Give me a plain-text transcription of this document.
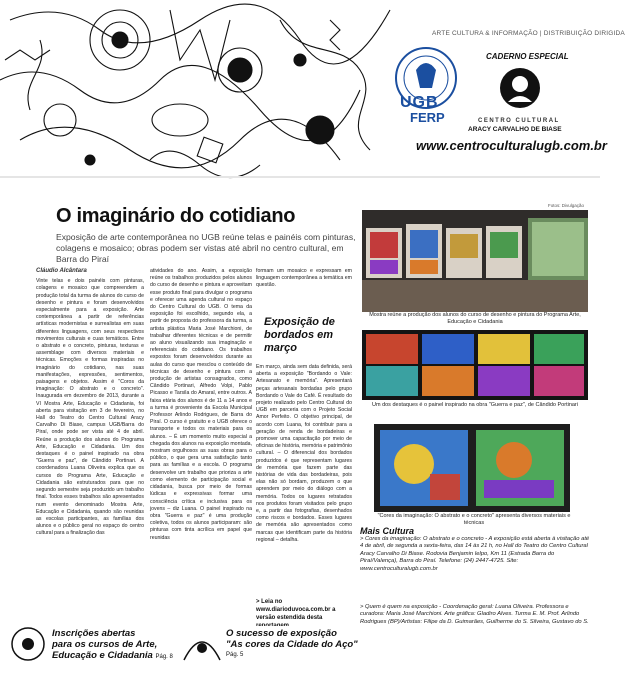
ARTE CULTURA & INFORMAÇÃO | DISTRIBUIÇÃO DIRIGIDA
CADERNO ESPECIAL
UGB
FERP	CENTRO CULTURAL
ARACY CARVALHO DE BIASE
www.centroculturalugb.com.br
Fotos: Divulgação
O imaginário do cotidiano
Exposição de arte contemporânea no UGB reúne telas e painéis com pinturas, colagens e mosaico; obras podem ser vistas até abril no centro cultural, em Barra do Piraí
Cláudio Alcântara

Vinte telas e dois painéis com pinturas, colagens e mosaico que compreendem a produção total da turma de alunos do curso de desenho e pintura e foram desenvolvidos especialmente para a exposição. Arte contemporânea a partir de referências artísticas modernistas e surrealistas em suas diferentes linguagens, com seus respectivos movimentos culturais e cuas temáticos. Entre o abstrato e o concreto, pinturas, texturas e assemblage com diversos materiais e técnicas. Emoções e formas inspiradas no imaginário do cotidiano, nas suas manifestações, expressões, sentimentos, paisagens e objetos. Assim é "Coros da imaginação: O abstrato e o concreto". Inaugurada em dezembro de 2013, durante a VI Mostra Arte, Educação e Cidadania, foi aberta para visitação em 3 de fevereiro, no Hall do Teatro do Centro Cultural Aracy Carvalho Di Biase, campus UGB/Barra do Piraí, onde pode ser vista até 4 de abril. Reúne a produção dos alunos do Programa Arte, Educação e Cidadania. Um dos destaques é o painel inspirado na obra "Guerra e paz", de Cândido Portinari. A coordenadora Luana Oliveira explica que os cursos do Programa Arte, Educação e Cidadania são estruturados para que no segundo semestre seja produzido um trabalho final. Todos esses trabalhos são apresentados num evento denominado Mostra Arte, Educação e Cidadania, quando são reunidas as escolas participantes, as famílias dos alunos e o público geral no espaço do centro cultural para a finalização das

atividades do ano. Assim, a exposição reúne os trabalhos produzidos pelos alunos do curso de desenho e pintura e aproveitam esse produto final para divulgar o programa e oferecer uma agenda cultural no espaço do Centro Cultural do UGB. O tema da exposição foi escolhido, segundo ela, a partir de proposta do professora da turma, a artista plástica Maria José Marchioni, de trabalhar diferentes técnicas e de permitir ao aluno visualizando sua imaginação e referenciais do cotidiano. Os trabalhos expostos foram desenvolvidos durante as aulas do curso que mesclou o conteúdo de técnicas de desenho e pintura com a produção de artistas consagrados, como Cândido Portinari, Alfredo Volpi, Pablo Picasso e Tarsila do Amaral, entre outros. A faixa etária dos alunos é de 11 a 14 anos e a turma é proveniente da Escola Municipal Professor Arlindo Rodrigues, de Barra do Piraí. O curso é gratuito e o UGB oferece o transporte e todos os materiais para os alunos. – É um momento muito especial a chegada dos alunos na exposição montada, mostram orgulhosos as suas obras para o público, o que gera uma satisfação tanto para as famílias e a escola. O programa desenvolve um trabalho que prioriza a arte como elemento de participação social e cidadania, busca por meio de formas lúdicas e expressivas formar uma consciência crítica e inclusiva para os jovens – diz Luana. O painel inspirado na obra "Guerra e paz" é uma produção coletiva, todos os alunos participaram: são pinturas com tinta acrílica em papel que reunidas

formam um mosaico e expressam em linguagem contemporânea a temática em questão.

Exposição de bordados em março

Em março, ainda sem data definida, será aberta a exposição "Bordando o Vale: Artesanato e memória". Apresentará peças artesanais bordadas pelo grupo Bordando o Vale do Café. É resultado do projeto realizado pelo Centro Cultural do UGB em parceria com o Projeto Social Amor Perfeito. O objetivo principal, de acordo com Luana, foi contribuir para a geração de renda de bordadeiras e promover uma capacitação por meio de oficinas de história, memória e patrimônio cultural. – O diferencial dos bordados produzidos é que representam lugares de memória que fazem parte das histórias de vida das bordadeiras, pois elas não só bordam, produzem o que aprendem por meio do diálogo com a memória. Todos os lugares retratados nos produtos foram visitados pelo grupo e, a partir das fotografias, desenhados como riscos e bordados. Esses lugares de memória são apresentados como marcas que identificam parte da história regional – detalha.

> Leia no www.diarioduvoca.com.br a versão estendida desta
Mostra reúne a produção dos alunos do curso de desenho e pintura do Programa Arte, Educação e Cidadania
Um dos destaques é o painel inspirado na obra "Guerra e paz", de Cândido Portinari
"Cores da imaginação: O abstrato e o concreto" apresenta diversos materiais e técnicas
Mais Cultura
> Cores da imaginação: O abstrato e o concreto - A exposição está aberta à visitação até 4 de abril, de segunda a sexta-feira, das 14 às 21 h, no Hall do Teatro do Centro Cultural Aracy Carvalho Di Biase. Rodovia Benjamin Ielpo, Km 11 (Estrada Barra do Piraí/Valença), Barra do Piraí. Telefone: (24) 2447-4725. Site: www.centroculturalugb.com.br
> Quem é quem na exposição - Coordenação geral: Luana Oliveira. Professora e curadora: Maria José Marchioni. Arte gráfica: Gladiro Alves. Turma E. M. Prof. Arlindo Rodrigues (BP)/Artistas: Filipe da D. Guimarães, Guilherme do S. Silveira, Gustavo do S.
Inscrições abertas
para os cursos de Arte,
Educação e Cidadania Pág. 8
O sucesso de exposição
"As cores da Cidade do Aço"
Pág. 5
